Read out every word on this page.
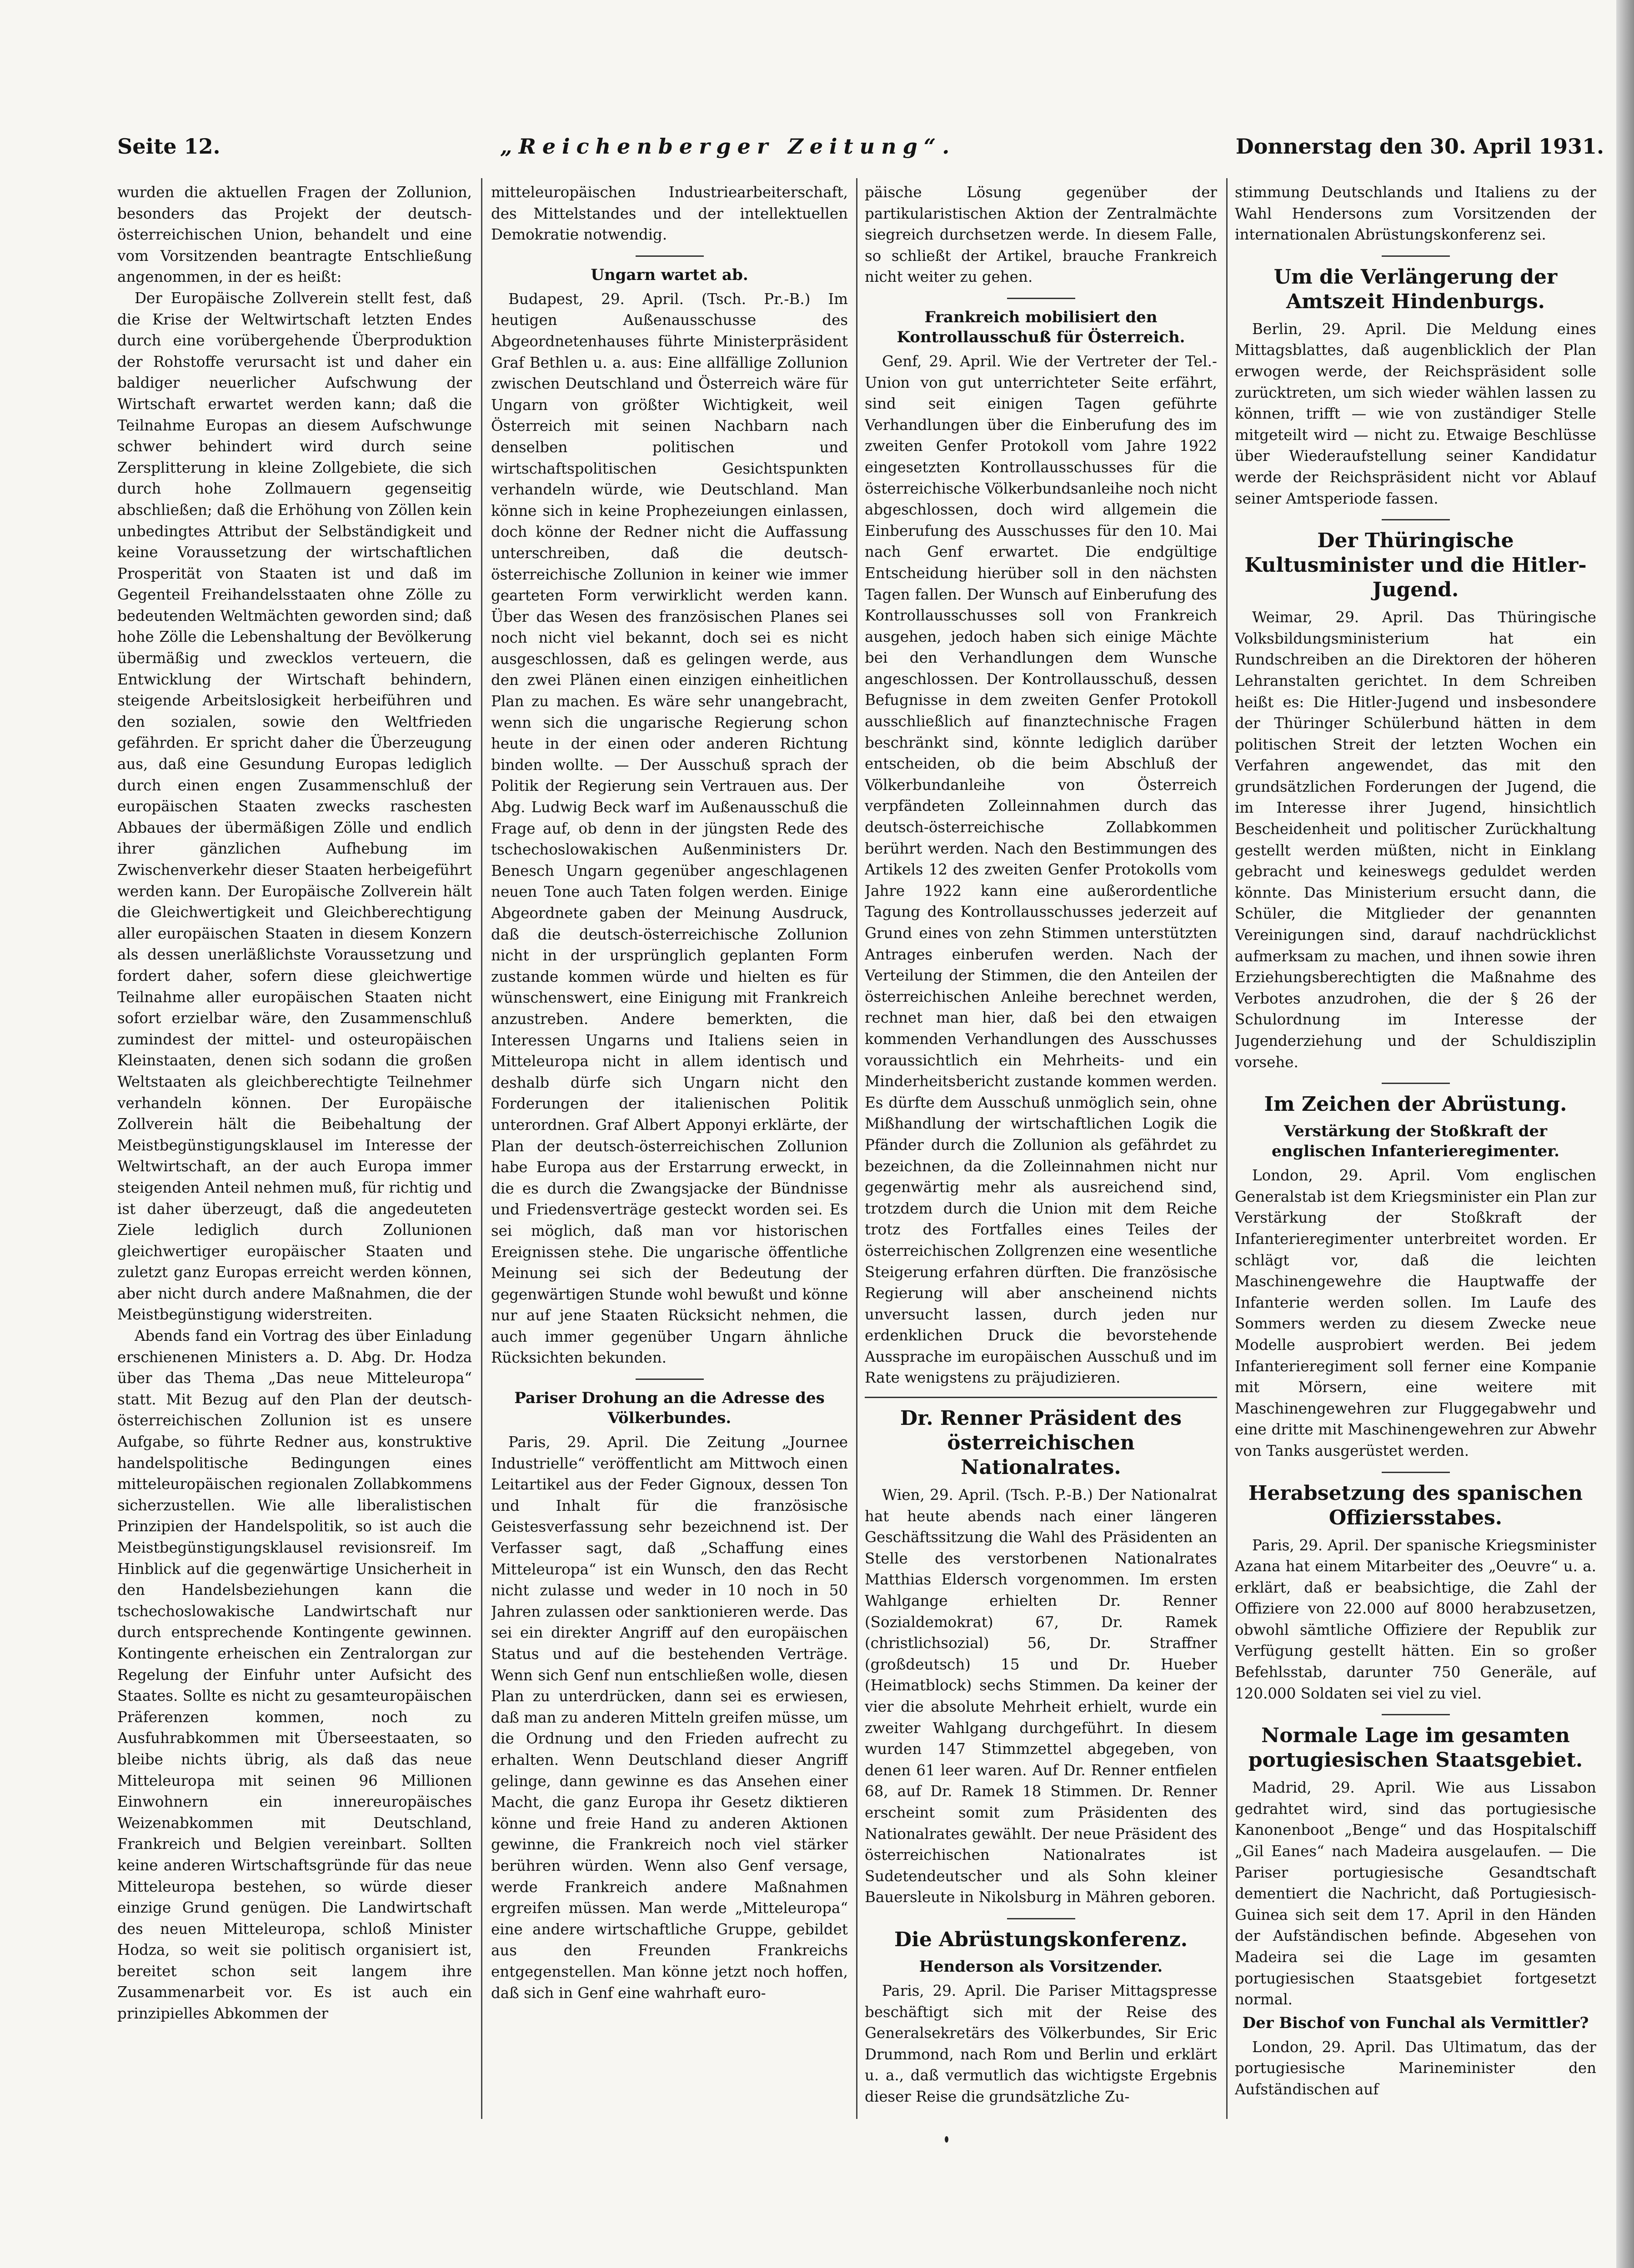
Seite 12.	„Reichenberger Zeitung“.	Donnerstag den 30. April 1931.

wurden die aktuellen Fragen der Zollunion, besonders das Projekt der deutsch-österreichischen Union, behandelt und eine vom Vorsitzenden beantragte Entschließung angenommen, in der es heißt:

Der Europäische Zollverein stellt fest, daß die Krise der Weltwirtschaft letzten Endes durch eine vorübergehende Überproduktion der Rohstoffe verursacht ist und daher ein baldiger neuerlicher Aufschwung der Wirtschaft erwartet werden kann; daß die Teilnahme Europas an diesem Aufschwunge schwer behindert wird durch seine Zersplitterung in kleine Zollgebiete, die sich durch hohe Zollmauern gegenseitig abschließen; daß die Erhöhung von Zöllen kein unbedingtes Attribut der Selbständigkeit und keine Voraussetzung der wirtschaftlichen Prosperität von Staaten ist und daß im Gegenteil Freihandelsstaaten ohne Zölle zu bedeutenden Weltmächten geworden sind; daß hohe Zölle die Lebenshaltung der Bevölkerung übermäßig und zwecklos verteuern, die Entwicklung der Wirtschaft behindern, steigende Arbeitslosigkeit herbeiführen und den sozialen, sowie den Weltfrieden gefährden. Er spricht daher die Überzeugung aus, daß eine Gesundung Europas lediglich durch einen engen Zusammenschluß der europäischen Staaten zwecks raschesten Abbaues der übermäßigen Zölle und endlich ihrer gänzlichen Aufhebung im Zwischenverkehr dieser Staaten herbeigeführt werden kann. Der Europäische Zollverein hält die Gleichwertigkeit und Gleichberechtigung aller europäischen Staaten in diesem Konzern als dessen unerläßlichste Voraussetzung und fordert daher, sofern diese gleichwertige Teilnahme aller europäischen Staaten nicht sofort erzielbar wäre, den Zusammenschluß zumindest der mittel- und osteuropäischen Kleinstaaten, denen sich sodann die großen Weltstaaten als gleichberechtigte Teilnehmer verhandeln können. Der Europäische Zollverein hält die Beibehaltung der Meistbegünstigungsklausel im Interesse der Weltwirtschaft, an der auch Europa immer steigenden Anteil nehmen muß, für richtig und ist daher überzeugt, daß die angedeuteten Ziele lediglich durch Zollunionen gleichwertiger europäischer Staaten und zuletzt ganz Europas erreicht werden können, aber nicht durch andere Maßnahmen, die der Meistbegünstigung widerstreiten.

Abends fand ein Vortrag des über Einladung erschienenen Ministers a. D. Abg. Dr. Hodza über das Thema „Das neue Mitteleuropa“ statt. Mit Bezug auf den Plan der deutsch-österreichischen Zollunion ist es unsere Aufgabe, so führte Redner aus, konstruktive handelspolitische Bedingungen eines mitteleuropäischen regionalen Zollabkommens sicherzustellen. Wie alle liberalistischen Prinzipien der Handelspolitik, so ist auch die Meistbegünstigungsklausel revisionsreif. Im Hinblick auf die gegenwärtige Unsicherheit in den Handelsbeziehungen kann die tschechoslowakische Landwirtschaft nur durch entsprechende Kontingente gewinnen. Kontingente erheischen ein Zentralorgan zur Regelung der Einfuhr unter Aufsicht des Staates. Sollte es nicht zu gesamteuropäischen Präferenzen kommen, noch zu Ausfuhrabkommen mit Überseestaaten, so bleibe nichts übrig, als daß das neue Mitteleuropa mit seinen 96 Millionen Einwohnern ein innereuropäisches Weizenabkommen mit Deutschland, Frankreich und Belgien vereinbart. Sollten keine anderen Wirtschaftsgründe für das neue Mitteleuropa bestehen, so würde dieser einzige Grund genügen. Die Landwirtschaft des neuen Mitteleuropa, schloß Minister Hodza, so weit sie politisch organisiert ist, bereitet schon seit langem ihre Zusammenarbeit vor. Es ist auch ein prinzipielles Abkommen der

mitteleuropäischen Industriearbeiterschaft, des Mittelstandes und der intellektuellen Demokratie notwendig.

Ungarn wartet ab.

Budapest, 29. April. (Tsch. Pr.-B.) Im heutigen Außenausschusse des Abgeordnetenhauses führte Ministerpräsident Graf Bethlen u. a. aus: Eine allfällige Zollunion zwischen Deutschland und Österreich wäre für Ungarn von größter Wichtigkeit, weil Österreich mit seinen Nachbarn nach denselben politischen und wirtschaftspolitischen Gesichtspunkten verhandeln würde, wie Deutschland. Man könne sich in keine Prophezeiungen einlassen, doch könne der Redner nicht die Auffassung unterschreiben, daß die deutsch-österreichische Zollunion in keiner wie immer gearteten Form verwirklicht werden kann. Über das Wesen des französischen Planes sei noch nicht viel bekannt, doch sei es nicht ausgeschlossen, daß es gelingen werde, aus den zwei Plänen einen einzigen einheitlichen Plan zu machen. Es wäre sehr unangebracht, wenn sich die ungarische Regierung schon heute in der einen oder anderen Richtung binden wollte. — Der Ausschuß sprach der Politik der Regierung sein Vertrauen aus. Der Abg. Ludwig Beck warf im Außenausschuß die Frage auf, ob denn in der jüngsten Rede des tschechoslowakischen Außenministers Dr. Benesch Ungarn gegenüber angeschlagenen neuen Tone auch Taten folgen werden. Einige Abgeordnete gaben der Meinung Ausdruck, daß die deutsch-österreichische Zollunion nicht in der ursprünglich geplanten Form zustande kommen würde und hielten es für wünschenswert, eine Einigung mit Frankreich anzustreben. Andere bemerkten, die Interessen Ungarns und Italiens seien in Mitteleuropa nicht in allem identisch und deshalb dürfe sich Ungarn nicht den Forderungen der italienischen Politik unterordnen. Graf Albert Apponyi erklärte, der Plan der deutsch-österreichischen Zollunion habe Europa aus der Erstarrung erweckt, in die es durch die Zwangsjacke der Bündnisse und Friedensverträge gesteckt worden sei. Es sei möglich, daß man vor historischen Ereignissen stehe. Die ungarische öffentliche Meinung sei sich der Bedeutung der gegenwärtigen Stunde wohl bewußt und könne nur auf jene Staaten Rücksicht nehmen, die auch immer gegenüber Ungarn ähnliche Rücksichten bekunden.

Pariser Drohung an die Adresse des Völkerbundes.

Paris, 29. April. Die Zeitung „Journee Industrielle“ veröffentlicht am Mittwoch einen Leitartikel aus der Feder Gignoux, dessen Ton und Inhalt für die französische Geistesverfassung sehr bezeichnend ist. Der Verfasser sagt, daß „Schaffung eines Mitteleuropa“ ist ein Wunsch, den das Recht nicht zulasse und weder in 10 noch in 50 Jahren zulassen oder sanktionieren werde. Das sei ein direkter Angriff auf den europäischen Status und auf die bestehenden Verträge. Wenn sich Genf nun entschließen wolle, diesen Plan zu unterdrücken, dann sei es erwiesen, daß man zu anderen Mitteln greifen müsse, um die Ordnung und den Frieden aufrecht zu erhalten. Wenn Deutschland dieser Angriff gelinge, dann gewinne es das Ansehen einer Macht, die ganz Europa ihr Gesetz diktieren könne und freie Hand zu anderen Aktionen gewinne, die Frankreich noch viel stärker berühren würden. Wenn also Genf versage, werde Frankreich andere Maßnahmen ergreifen müssen. Man werde „Mitteleuropa“ eine andere wirtschaftliche Gruppe, gebildet aus den Freunden Frankreichs entgegenstellen. Man könne jetzt noch hoffen, daß sich in Genf eine wahrhaft euro-

päische Lösung gegenüber der partikularistischen Aktion der Zentralmächte siegreich durchsetzen werde. In diesem Falle, so schließt der Artikel, brauche Frankreich nicht weiter zu gehen.

Frankreich mobilisiert den Kontrollausschuß für Österreich.

Genf, 29. April. Wie der Vertreter der Tel.-Union von gut unterrichteter Seite erfährt, sind seit einigen Tagen geführte Verhandlungen über die Einberufung des im zweiten Genfer Protokoll vom Jahre 1922 eingesetzten Kontrollausschusses für die österreichische Völkerbundsanleihe noch nicht abgeschlossen, doch wird allgemein die Einberufung des Ausschusses für den 10. Mai nach Genf erwartet. Die endgültige Entscheidung hierüber soll in den nächsten Tagen fallen. Der Wunsch auf Einberufung des Kontrollausschusses soll von Frankreich ausgehen, jedoch haben sich einige Mächte bei den Verhandlungen dem Wunsche angeschlossen. Der Kontrollausschuß, dessen Befugnisse in dem zweiten Genfer Protokoll ausschließlich auf finanztechnische Fragen beschränkt sind, könnte lediglich darüber entscheiden, ob die beim Abschluß der Völkerbundanleihe von Österreich verpfändeten Zolleinnahmen durch das deutsch-österreichische Zollabkommen berührt werden. Nach den Bestimmungen des Artikels 12 des zweiten Genfer Protokolls vom Jahre 1922 kann eine außerordentliche Tagung des Kontrollausschusses jederzeit auf Grund eines von zehn Stimmen unterstützten Antrages einberufen werden. Nach der Verteilung der Stimmen, die den Anteilen der österreichischen Anleihe berechnet werden, rechnet man hier, daß bei den etwaigen kommenden Verhandlungen des Ausschusses voraussichtlich ein Mehrheits- und ein Minderheitsbericht zustande kommen werden. Es dürfte dem Ausschuß unmöglich sein, ohne Mißhandlung der wirtschaftlichen Logik die Pfänder durch die Zollunion als gefährdet zu bezeichnen, da die Zolleinnahmen nicht nur gegenwärtig mehr als ausreichend sind, trotzdem durch die Union mit dem Reiche trotz des Fortfalles eines Teiles der österreichischen Zollgrenzen eine wesentliche Steigerung erfahren dürften. Die französische Regierung will aber anscheinend nichts unversucht lassen, durch jeden nur erdenklichen Druck die bevorstehende Aussprache im europäischen Ausschuß und im Rate wenigstens zu präjudizieren.

Dr. Renner Präsident des österreichischen Nationalrates.

Wien, 29. April. (Tsch. P.-B.) Der Nationalrat hat heute abends nach einer längeren Geschäftssitzung die Wahl des Präsidenten an Stelle des verstorbenen Nationalrates Matthias Eldersch vorgenommen. Im ersten Wahlgange erhielten Dr. Renner (Sozialdemokrat) 67, Dr. Ramek (christlichsozial) 56, Dr. Straffner (großdeutsch) 15 und Dr. Hueber (Heimatblock) sechs Stimmen. Da keiner der vier die absolute Mehrheit erhielt, wurde ein zweiter Wahlgang durchgeführt. In diesem wurden 147 Stimmzettel abgegeben, von denen 61 leer waren. Auf Dr. Renner entfielen 68, auf Dr. Ramek 18 Stimmen. Dr. Renner erscheint somit zum Präsidenten des Nationalrates gewählt. Der neue Präsident des österreichischen Nationalrates ist Sudetendeutscher und als Sohn kleiner Bauersleute in Nikolsburg in Mähren geboren.

Die Abrüstungskonferenz.
Henderson als Vorsitzender.

Paris, 29. April. Die Pariser Mittagspresse beschäftigt sich mit der Reise des Generalsekretärs des Völkerbundes, Sir Eric Drummond, nach Rom und Berlin und erklärt u. a., daß vermutlich das wichtigste Ergebnis dieser Reise die grundsätzliche Zu-

stimmung Deutschlands und Italiens zu der Wahl Hendersons zum Vorsitzenden der internationalen Abrüstungskonferenz sei.

Um die Verlängerung der Amtszeit Hindenburgs.

Berlin, 29. April. Die Meldung eines Mittagsblattes, daß augenblicklich der Plan erwogen werde, der Reichspräsident solle zurücktreten, um sich wieder wählen lassen zu können, trifft — wie von zuständiger Stelle mitgeteilt wird — nicht zu. Etwaige Beschlüsse über Wiederaufstellung seiner Kandidatur werde der Reichspräsident nicht vor Ablauf seiner Amtsperiode fassen.

Der Thüringische Kultusminister und die Hitler-Jugend.

Weimar, 29. April. Das Thüringische Volksbildungsministerium hat ein Rundschreiben an die Direktoren der höheren Lehranstalten gerichtet. In dem Schreiben heißt es: Die Hitler-Jugend und insbesondere der Thüringer Schülerbund hätten in dem politischen Streit der letzten Wochen ein Verfahren angewendet, das mit den grundsätzlichen Forderungen der Jugend, die im Interesse ihrer Jugend, hinsichtlich Bescheidenheit und politischer Zurückhaltung gestellt werden müßten, nicht in Einklang gebracht und keineswegs geduldet werden könnte. Das Ministerium ersucht dann, die Schüler, die Mitglieder der genannten Vereinigungen sind, darauf nachdrücklichst aufmerksam zu machen, und ihnen sowie ihren Erziehungsberechtigten die Maßnahme des Verbotes anzudrohen, die der § 26 der Schulordnung im Interesse der Jugenderziehung und der Schuldisziplin vorsehe.

Im Zeichen der Abrüstung.
Verstärkung der Stoßkraft der englischen Infanterieregimenter.

London, 29. April. Vom englischen Generalstab ist dem Kriegsminister ein Plan zur Verstärkung der Stoßkraft der Infanterieregimenter unterbreitet worden. Er schlägt vor, daß die leichten Maschinengewehre die Hauptwaffe der Infanterie werden sollen. Im Laufe des Sommers werden zu diesem Zwecke neue Modelle ausprobiert werden. Bei jedem Infanterieregiment soll ferner eine Kompanie mit Mörsern, eine weitere mit Maschinengewehren zur Fluggegabwehr und eine dritte mit Maschinengewehren zur Abwehr von Tanks ausgerüstet werden.

Herabsetzung des spanischen Offiziersstabes.

Paris, 29. April. Der spanische Kriegsminister Azana hat einem Mitarbeiter des „Oeuvre“ u. a. erklärt, daß er beabsichtige, die Zahl der Offiziere von 22.000 auf 8000 herabzusetzen, obwohl sämtliche Offiziere der Republik zur Verfügung gestellt hätten. Ein so großer Befehlsstab, darunter 750 Generäle, auf 120.000 Soldaten sei viel zu viel.

Normale Lage im gesamten portugiesischen Staatsgebiet.

Madrid, 29. April. Wie aus Lissabon gedrahtet wird, sind das portugiesische Kanonenboot „Benge“ und das Hospitalschiff „Gil Eanes“ nach Madeira ausgelaufen. — Die Pariser portugiesische Gesandtschaft dementiert die Nachricht, daß Portugiesisch-Guinea sich seit dem 17. April in den Händen der Aufständischen befinde. Abgesehen von Madeira sei die Lage im gesamten portugiesischen Staatsgebiet fortgesetzt normal.

Der Bischof von Funchal als Vermittler?

London, 29. April. Das Ultimatum, das der portugiesische Marineminister den Aufständischen auf
